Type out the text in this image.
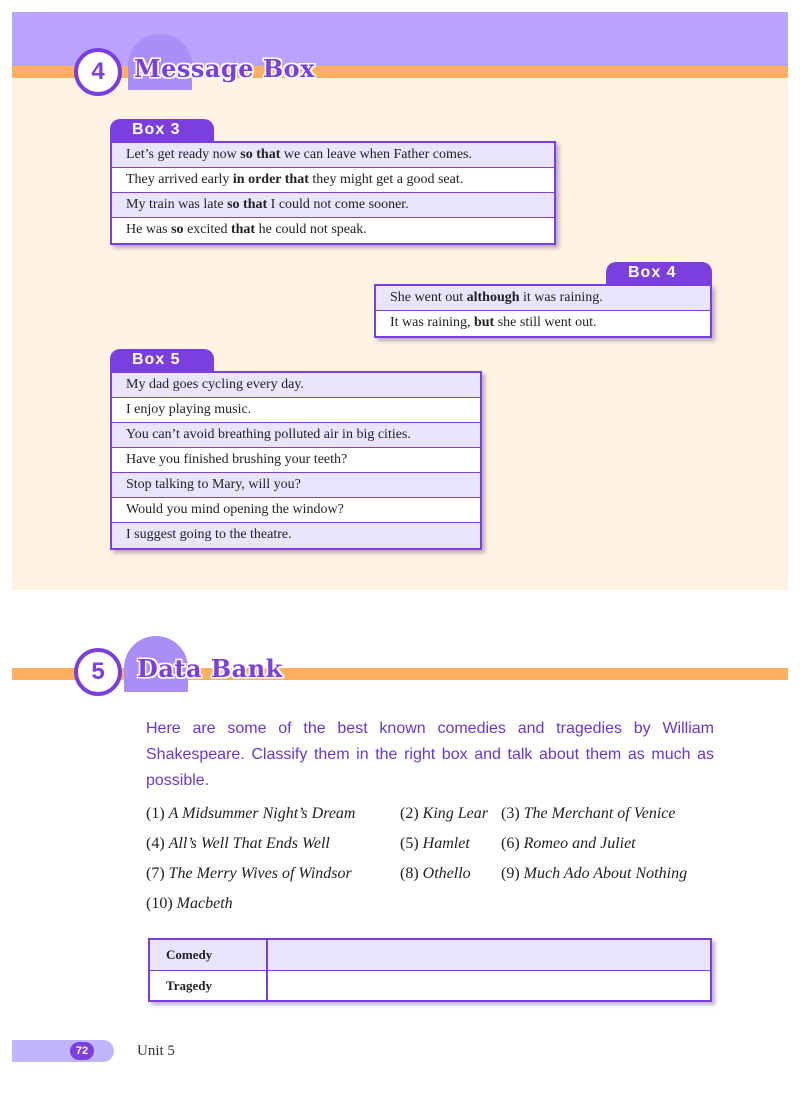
4	Message Box
Box 3
Let’s get ready now so that we can leave when Father comes.
They arrived early in order that they might get a good seat.
My train was late so that I could not come sooner.
He was so excited that he could not speak.
Box 4
She went out although it was raining.
It was raining, but she still went out.
Box 5
My dad goes cycling every day.
I enjoy playing music.
You can’t avoid breathing polluted air in big cities.
Have you finished brushing your teeth?
Stop talking to Mary, will you?
Would you mind opening the window?
I suggest going to the theatre.
5	Data Bank
Here are some of the best known comedies and tragedies by William Shakespeare. Classify them in the right box and talk about them as much as possible.
(1) A Midsummer Night’s Dream	(2) King Lear (3) The Merchant of Venice
(4) All’s Well That Ends Well	(5) Hamlet (6) Romeo and Juliet
(7) The Merry Wives of Windsor	(8) Othello (9) Much Ado About Nothing
(10) Macbeth
Comedy
Tragedy
72	Unit 5
